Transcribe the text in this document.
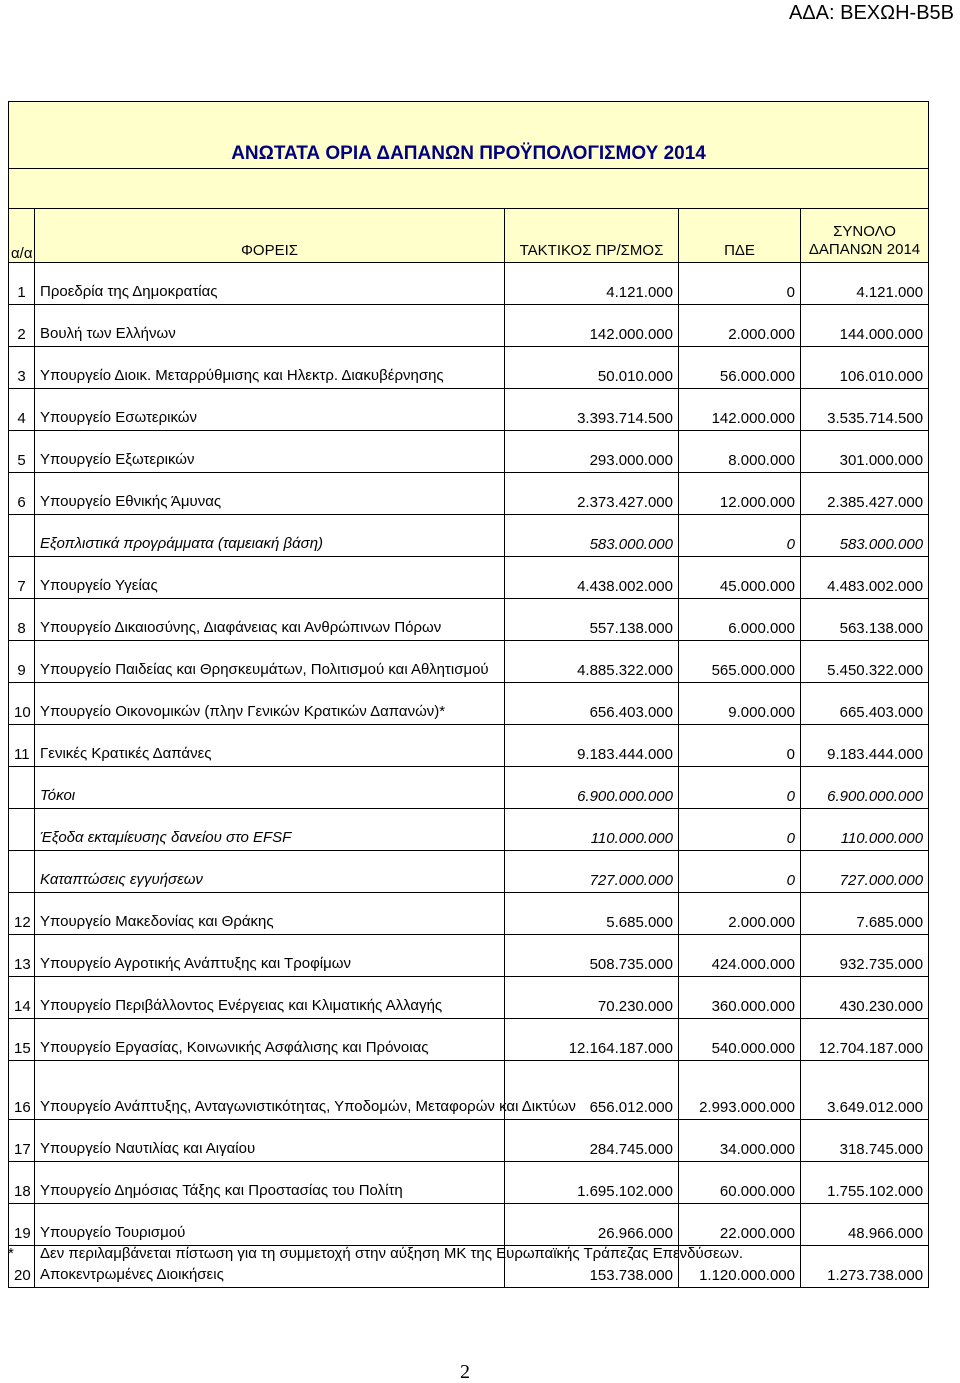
ΑΔΑ: ΒΕΧΩΗ-Β5Β
ΑΝΩΤΑΤΑ ΟΡΙΑ ΔΑΠΑΝΩΝ ΠΡΟΫΠΟΛΟΓΙΣΜΟΥ 2014				

α/α	ΦΟΡΕΙΣ	ΤΑΚΤΙΚΟΣ ΠΡ/ΣΜΟΣ	ΠΔΕ	ΣΥΝΟΛΟ
ΔΑΠΑΝΩΝ 2014

1	Προεδρία της Δημοκρατίας	4.121.000	0	4.121.000
2	Βουλή των Ελλήνων	142.000.000	2.000.000	144.000.000
3	Υπουργείο Διοικ. Μεταρρύθμισης και Ηλεκτρ. Διακυβέρνησης	50.010.000	56.000.000	106.010.000
4	Υπουργείο Εσωτερικών	3.393.714.500	142.000.000	3.535.714.500
5	Υπουργείο Εξωτερικών	293.000.000	8.000.000	301.000.000
6	Υπουργείο Εθνικής Άμυνας	2.373.427.000	12.000.000	2.385.427.000
	Εξοπλιστικά προγράμματα (ταμειακή βάση)	583.000.000	0	583.000.000
7	Υπουργείο Υγείας	4.438.002.000	45.000.000	4.483.002.000
8	Υπουργείο Δικαιοσύνης, Διαφάνειας και Ανθρώπινων Πόρων	557.138.000	6.000.000	563.138.000
9	Υπουργείο Παιδείας και Θρησκευμάτων, Πολιτισμού και Αθλητισμού	4.885.322.000	565.000.000	5.450.322.000
10	Υπουργείο Οικονομικών (πλην Γενικών Κρατικών Δαπανών)*	656.403.000	9.000.000	665.403.000
11	Γενικές Κρατικές Δαπάνες	9.183.444.000	0	9.183.444.000
	Τόκοι	6.900.000.000	0	6.900.000.000
	Έξοδα εκταμίευσης δανείου στο EFSF	110.000.000	0	110.000.000
	Καταπτώσεις εγγυήσεων	727.000.000	0	727.000.000
12	Υπουργείο Μακεδονίας και Θράκης	5.685.000	2.000.000	7.685.000
13	Υπουργείο Αγροτικής Ανάπτυξης και Τροφίμων	508.735.000	424.000.000	932.735.000
14	Υπουργείο Περιβάλλοντος Ενέργειας και Κλιματικής Αλλαγής	70.230.000	360.000.000	430.230.000
15	Υπουργείο Εργασίας, Κοινωνικής Ασφάλισης και Πρόνοιας	12.164.187.000	540.000.000	12.704.187.000
16	Υπουργείο Ανάπτυξης, Ανταγωνιστικότητας, Υποδομών, Μεταφορών και Δικτύων	656.012.000	2.993.000.000	3.649.012.000
17	Υπουργείο Ναυτιλίας και Αιγαίου	284.745.000	34.000.000	318.745.000
18	Υπουργείο Δημόσιας Τάξης και Προστασίας του Πολίτη	1.695.102.000	60.000.000	1.755.102.000
19	Υπουργείο Τουρισμού	26.966.000	22.000.000	48.966.000
20	Αποκεντρωμένες Διοικήσεις	153.738.000	1.120.000.000	1.273.738.000
* Δεν περιλαμβάνεται πίστωση για τη συμμετοχή στην αύξηση ΜΚ της Ευρωπαϊκής Τράπεζας Επενδύσεων.
2
